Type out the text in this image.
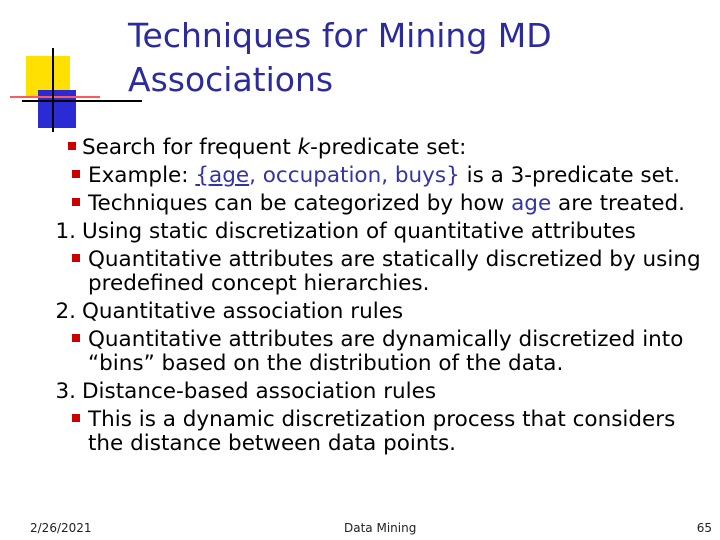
Techniques for Mining MD
Associations
Search for frequent k-predicate set:
Example: {age, occupation, buys} is a 3-predicate set.
Techniques can be categorized by how age are treated.
1. Using static discretization of quantitative attributes
Quantitative attributes are statically discretized by using predefined concept hierarchies.
2. Quantitative association rules
Quantitative attributes are dynamically discretized into “bins” based on the distribution of the data.
3. Distance-based association rules
This is a dynamic discretization process that considers the distance between data points.
2/26/2021	Data Mining	65
